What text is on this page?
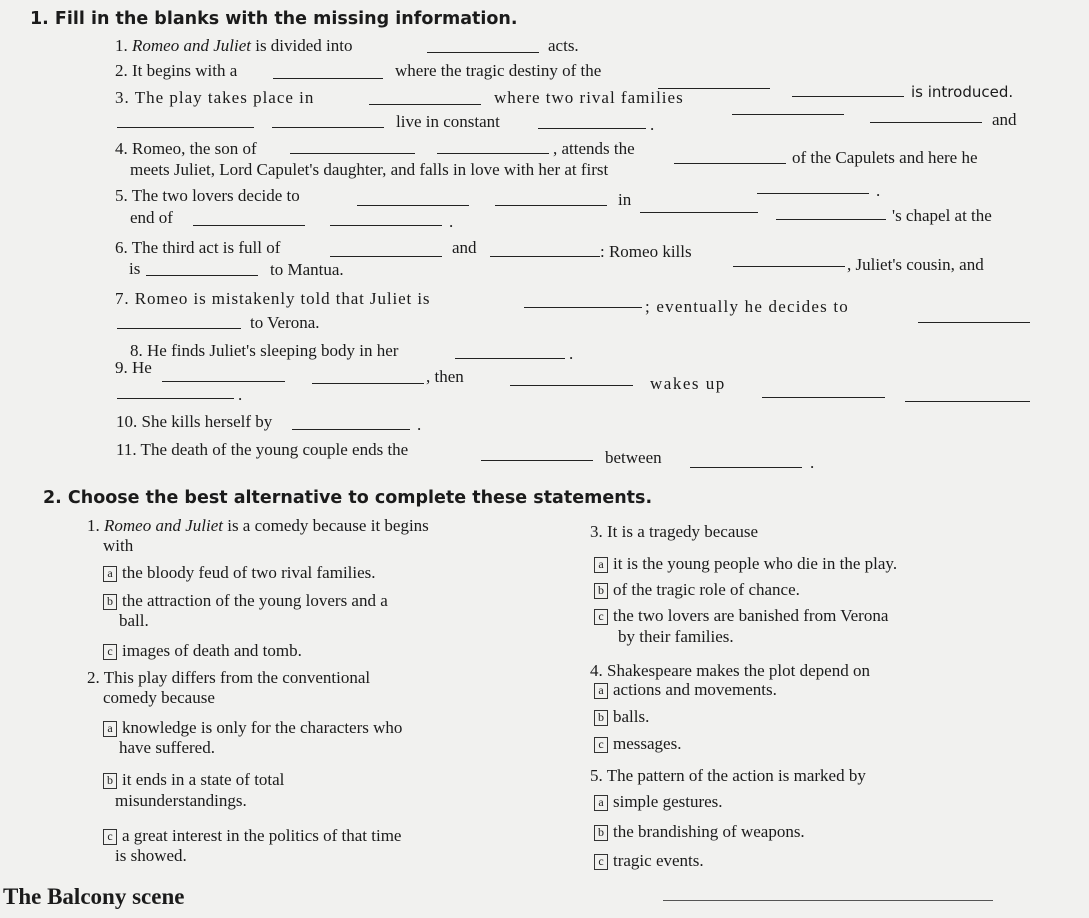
1. Fill in the blanks with the missing information.
1. Romeo and Juliet is divided into	acts.
2. It begins with a	where the tragic destiny of the
is introduced.
3. The play takes place in	where two rival families
and
live in constant	.
4. Romeo, the son of	, attends the	of the Capulets and here he
meets Juliet, Lord Capulet's daughter, and falls in love with her at first
.
5. The two lovers decide to	in
's chapel at the
end of	.
6. The third act is full of	and	: Romeo kills
, Juliet's cousin, and
is	to Mantua.
7. Romeo is mistakenly told that Juliet is	; eventually he decides to
to Verona.
8. He finds Juliet's sleeping body in her	.
9. He	, then	wakes up
.
10. She kills herself by	.
11. The death of the young couple ends the	between	.
2. Choose the best alternative to complete these statements.
1. Romeo and Juliet is a comedy because it begins
with
a the bloody feud of two rival families.
b the attraction of the young lovers and a
ball.
c images of death and tomb.
2. This play differs from the conventional
comedy because
a knowledge is only for the characters who
have suffered.
b it ends in a state of total
misunderstandings.
c a great interest in the politics of that time
is showed.
3. It is a tragedy because
a it is the young people who die in the play.
b of the tragic role of chance.
c the two lovers are banished from Verona
by their families.
4. Shakespeare makes the plot depend on
a actions and movements.
b balls.
c messages.
5. The pattern of the action is marked by
a simple gestures.
b the brandishing of weapons.
c tragic events.
The Balcony scene
